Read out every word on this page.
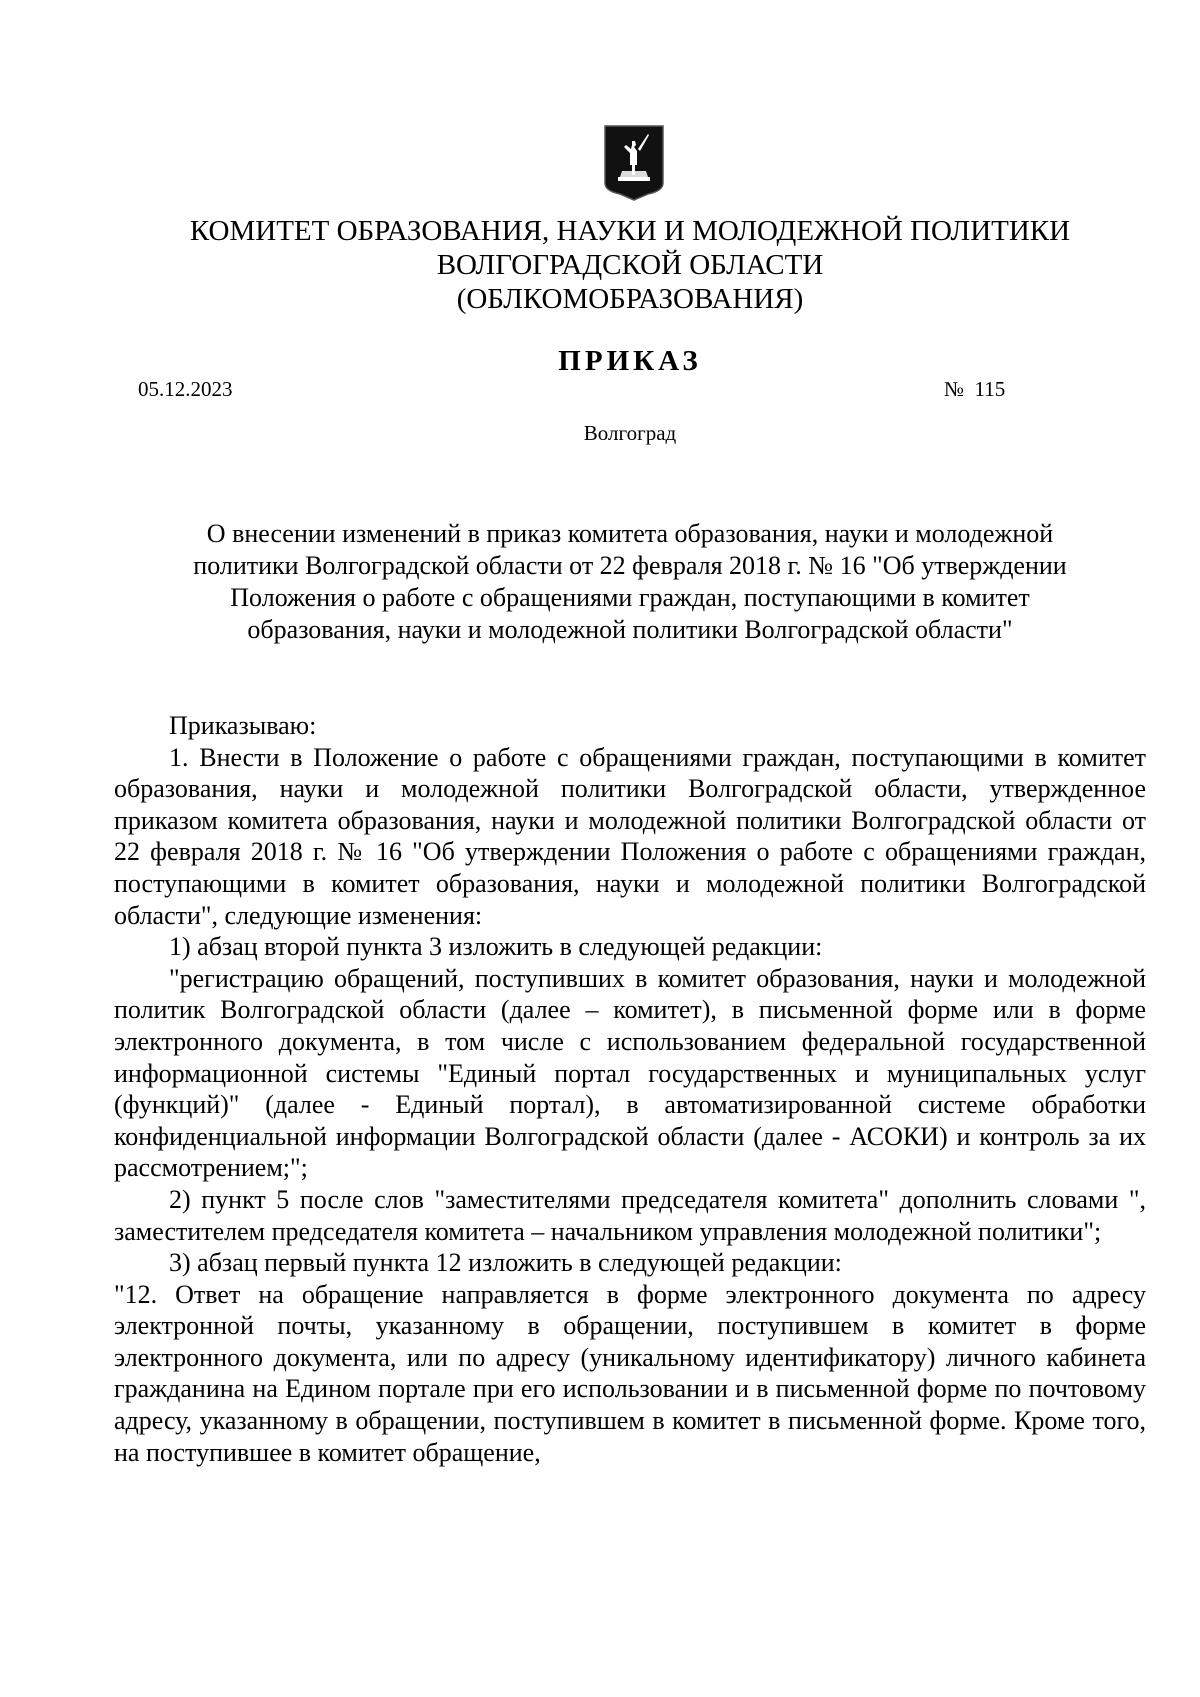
КОМИТЕТ ОБРАЗОВАНИЯ, НАУКИ И МОЛОДЕЖНОЙ ПОЛИТИКИ
ВОЛГОГРАДСКОЙ ОБЛАСТИ
(ОБЛКОМОБРАЗОВАНИЯ)
ПРИКАЗ
05.12.2023	№  115
Волгоград
О внесении изменений в приказ комитета образования, науки и молодежной
политики Волгоградской области от 22 февраля 2018 г. № 16 "Об утверждении
Положения о работе с обращениями граждан, поступающими в комитет
образования, науки и молодежной политики Волгоградской области"

Приказываю:

1. Внести в Положение о работе с обращениями граждан, поступающими в комитет образования, науки и молодежной политики Волгоградской области, утвержденное приказом комитета образования, науки и молодежной политики Волгоградской области от 22 февраля 2018 г. № 16 "Об утверждении Положения о работе с обращениями граждан, поступающими в комитет образования, науки и молодежной политики Волгоградской области", следующие изменения:

1) абзац второй пункта 3 изложить в следующей редакции:

"регистрацию обращений, поступивших в комитет образования, науки и молодежной политик Волгоградской области (далее – комитет), в письменной форме или в форме электронного документа, в том числе с использованием федеральной государственной информационной системы "Единый портал государственных и муниципальных услуг (функций)" (далее - Единый портал), в автоматизированной системе обработки конфиденциальной информации Волгоградской области (далее - АСОКИ) и контроль за их рассмотрением;";

2) пункт 5 после слов "заместителями председателя комитета" дополнить словами ", заместителем председателя комитета – начальником управления молодежной политики";

3) абзац первый пункта 12 изложить в следующей редакции:

"12. Ответ на обращение направляется в форме электронного документа по адресу электронной почты, указанному в обращении, поступившем в комитет в форме электронного документа, или по адресу (уникальному идентификатору) личного кабинета гражданина на Едином портале при его использовании и в письменной форме по почтовому адресу, указанному в обращении, поступившем в комитет в письменной форме. Кроме того, на поступившее в комитет обращение,
